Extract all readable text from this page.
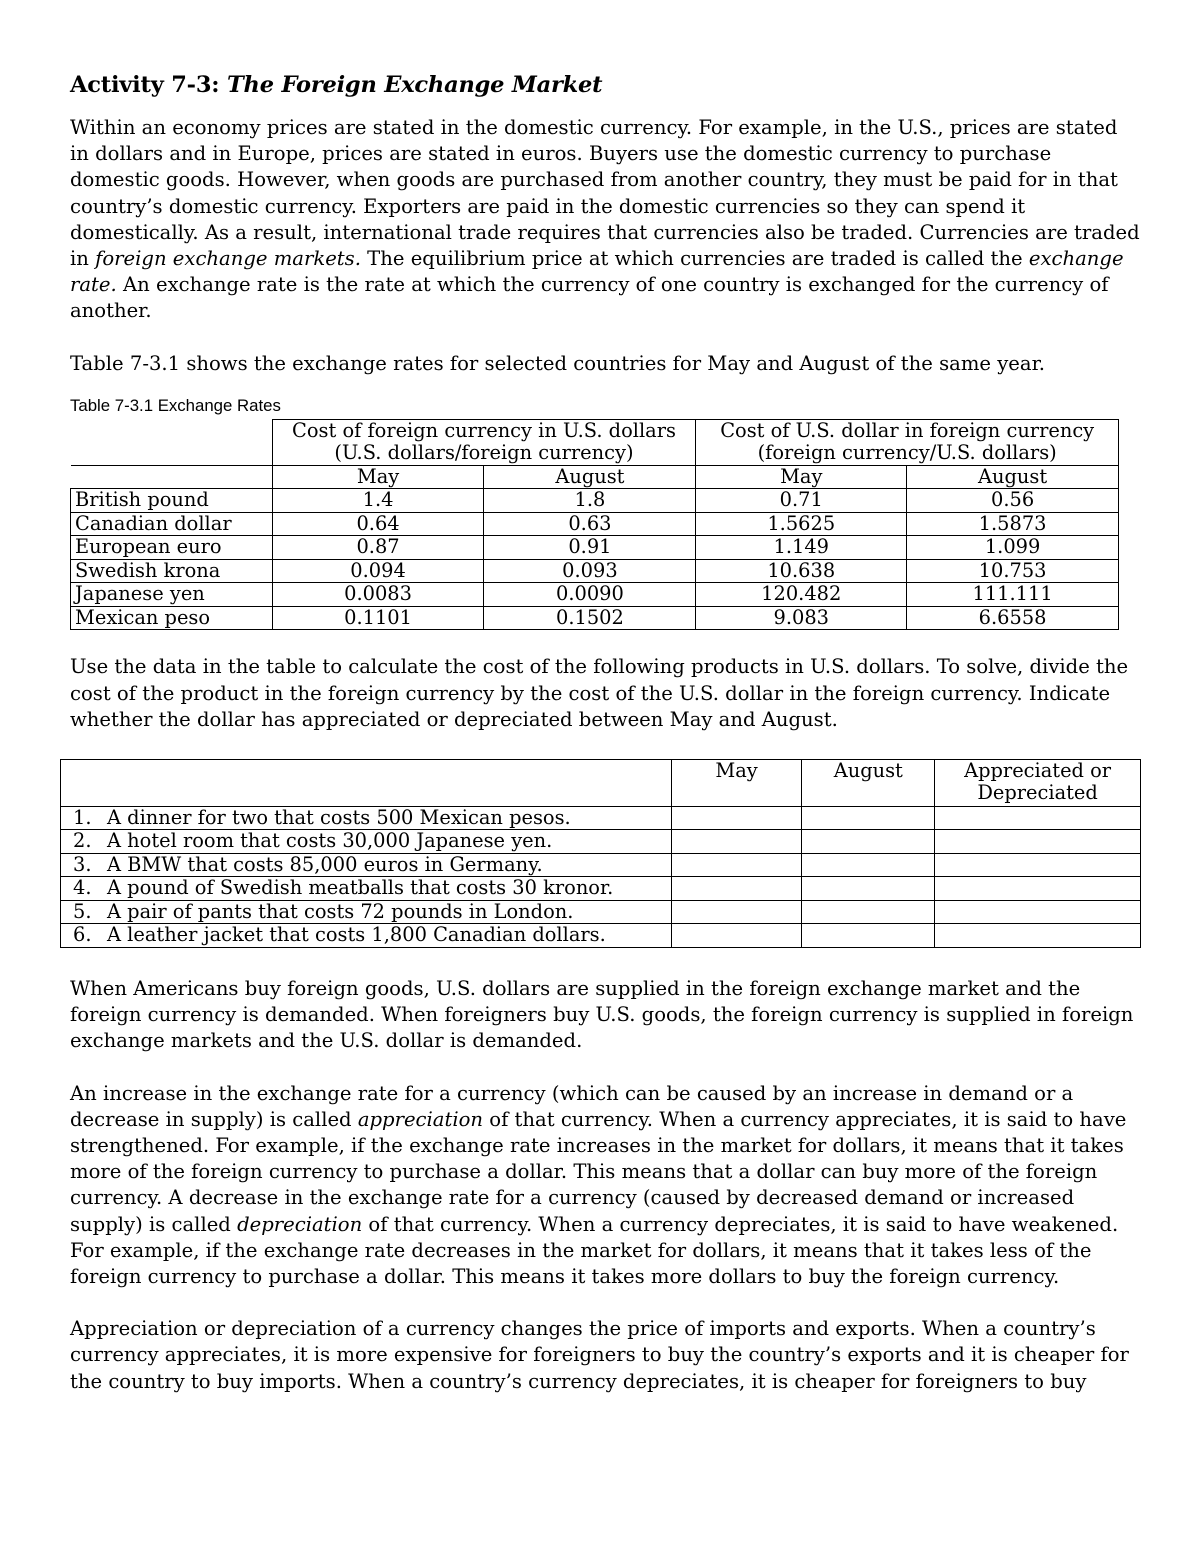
Activity 7-3: The Foreign Exchange Market

Within an economy prices are stated in the domestic currency. For example, in the U.S., prices are stated in dollars and in Europe, prices are stated in euros. Buyers use the domestic currency to purchase domestic goods. However, when goods are purchased from another country, they must be paid for in that country’s domestic currency. Exporters are paid in the domestic currencies so they can spend it domestically. As a result, international trade requires that currencies also be traded. Currencies are traded in foreign exchange markets. The equilibrium price at which currencies are traded is called the exchange rate. An exchange rate is the rate at which the currency of one country is exchanged for the currency of another.

Table 7-3.1 shows the exchange rates for selected countries for May and August of the same year.

Table 7-3.1 Exchange Rates

	Cost of foreign currency in U.S. dollars		Cost of U.S. dollar in foreign currency	

	(U.S. dollars/foreign currency)		(foreign currency/U.S. dollars)	

	May	August	May	August
British pound	1.4	1.8	0.71	0.56
Canadian dollar	0.64	0.63	1.5625	1.5873
European euro	0.87	0.91	1.149	1.099
Swedish krona	0.094	0.093	10.638	10.753
Japanese yen	0.0083	0.0090	120.482	111.111
Mexican peso	0.1101	0.1502	9.083	6.6558

Use the data in the table to calculate the cost of the following products in U.S. dollars. To solve, divide the cost of the product in the foreign currency by the cost of the U.S. dollar in the foreign currency. Indicate whether the dollar has appreciated or depreciated between May and August.

	May	August	Appreciated or
Depreciated

1. A dinner for two that costs 500 Mexican pesos.			
2. A hotel room that costs 30,000 Japanese yen.			
3. A BMW that costs 85,000 euros in Germany.			
4. A pound of Swedish meatballs that costs 30 kronor.			
5. A pair of pants that costs 72 pounds in London.			
6. A leather jacket that costs 1,800 Canadian dollars.			

When Americans buy foreign goods, U.S. dollars are supplied in the foreign exchange market and the foreign currency is demanded. When foreigners buy U.S. goods, the foreign currency is supplied in foreign exchange markets and the U.S. dollar is demanded.

An increase in the exchange rate for a currency (which can be caused by an increase in demand or a decrease in supply) is called appreciation of that currency. When a currency appreciates, it is said to have strengthened. For example, if the exchange rate increases in the market for dollars, it means that it takes more of the foreign currency to purchase a dollar. This means that a dollar can buy more of the foreign currency. A decrease in the exchange rate for a currency (caused by decreased demand or increased supply) is called depreciation of that currency. When a currency depreciates, it is said to have weakened. For example, if the exchange rate decreases in the market for dollars, it means that it takes less of the foreign currency to purchase a dollar. This means it takes more dollars to buy the foreign currency.

Appreciation or depreciation of a currency changes the price of imports and exports. When a country’s currency appreciates, it is more expensive for foreigners to buy the country’s exports and it is cheaper for the country to buy imports. When a country’s currency depreciates, it is cheaper for foreigners to buy
